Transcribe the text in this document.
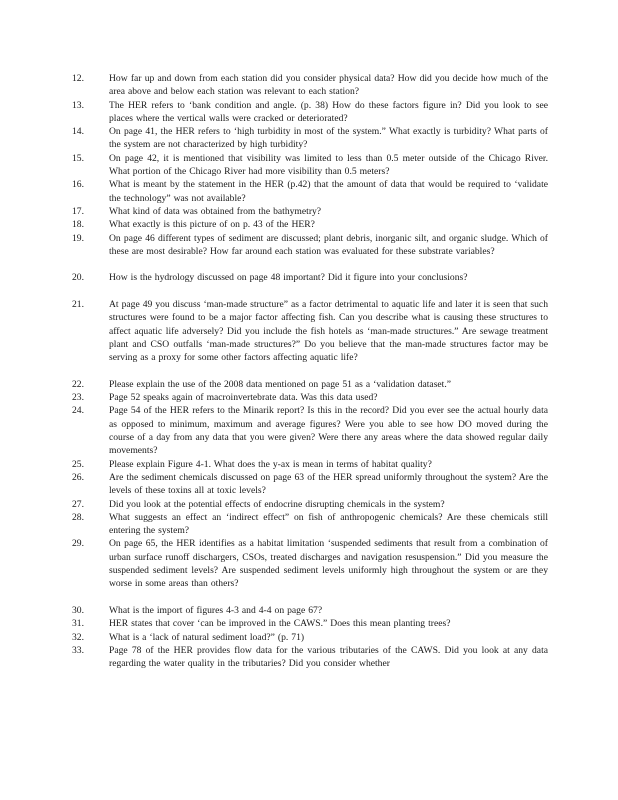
12.	How far up and down from each station did you consider physical data? How did you decide how much of the area above and below each station was relevant to each station?
13.	The HER refers to ‘bank condition and angle. (p. 38) How do these factors figure in? Did you look to see places where the vertical walls were cracked or deteriorated?
14.	On page 41, the HER refers to ‘high turbidity in most of the system.” What exactly is turbidity? What parts of the system are not characterized by high turbidity?
15.	On page 42, it is mentioned that visibility was limited to less than 0.5 meter outside of the Chicago River. What portion of the Chicago River had more visibility than 0.5 meters?
16.	What is meant by the statement in the HER (p.42) that the amount of data that would be required to ‘validate the technology” was not available?
17.	What kind of data was obtained from the bathymetry?
18.	What exactly is this picture of on p. 43 of the HER?
19.	On page 46 different types of sediment are discussed; plant debris, inorganic silt, and organic sludge. Which of these are most desirable? How far around each station was evaluated for these substrate variables?
20.	How is the hydrology discussed on page 48 important? Did it figure into your conclusions?
21.	At page 49 you discuss ‘man-made structure” as a factor detrimental to aquatic life and later it is seen that such structures were found to be a major factor affecting fish. Can you describe what is causing these structures to affect aquatic life adversely? Did you include the fish hotels as ‘man-made structures.” Are sewage treatment plant and CSO outfalls ‘man-made structures?” Do you believe that the man-made structures factor may be serving as a proxy for some other factors affecting aquatic life?
22.	Please explain the use of the 2008 data mentioned on page 51 as a ‘validation dataset.”
23.	Page 52 speaks again of macroinvertebrate data. Was this data used?
24.	Page 54 of the HER refers to the Minarik report? Is this in the record? Did you ever see the actual hourly data as opposed to minimum, maximum and average figures? Were you able to see how DO moved during the course of a day from any data that you were given? Were there any areas where the data showed regular daily movements?
25.	Please explain Figure 4-1. What does the y-ax is mean in terms of habitat quality?
26.	Are the sediment chemicals discussed on page 63 of the HER spread uniformly throughout the system? Are the levels of these toxins all at toxic levels?
27.	Did you look at the potential effects of endocrine disrupting chemicals in the system?
28.	What suggests an effect an ‘indirect effect” on fish of anthropogenic chemicals? Are these chemicals still entering the system?
29.	On page 65, the HER identifies as a habitat limitation ‘suspended sediments that result from a combination of urban surface runoff dischargers, CSOs, treated discharges and navigation resuspension.” Did you measure the suspended sediment levels? Are suspended sediment levels uniformly high throughout the system or are they worse in some areas than others?
30.	What is the import of figures 4-3 and 4-4 on page 67?
31.	HER states that cover ‘can be improved in the CAWS.” Does this mean planting trees?
32.	What is a ‘lack of natural sediment load?” (p. 71)
33.	Page 78 of the HER provides flow data for the various tributaries of the CAWS. Did you look at any data regarding the water quality in the tributaries? Did you consider whether
